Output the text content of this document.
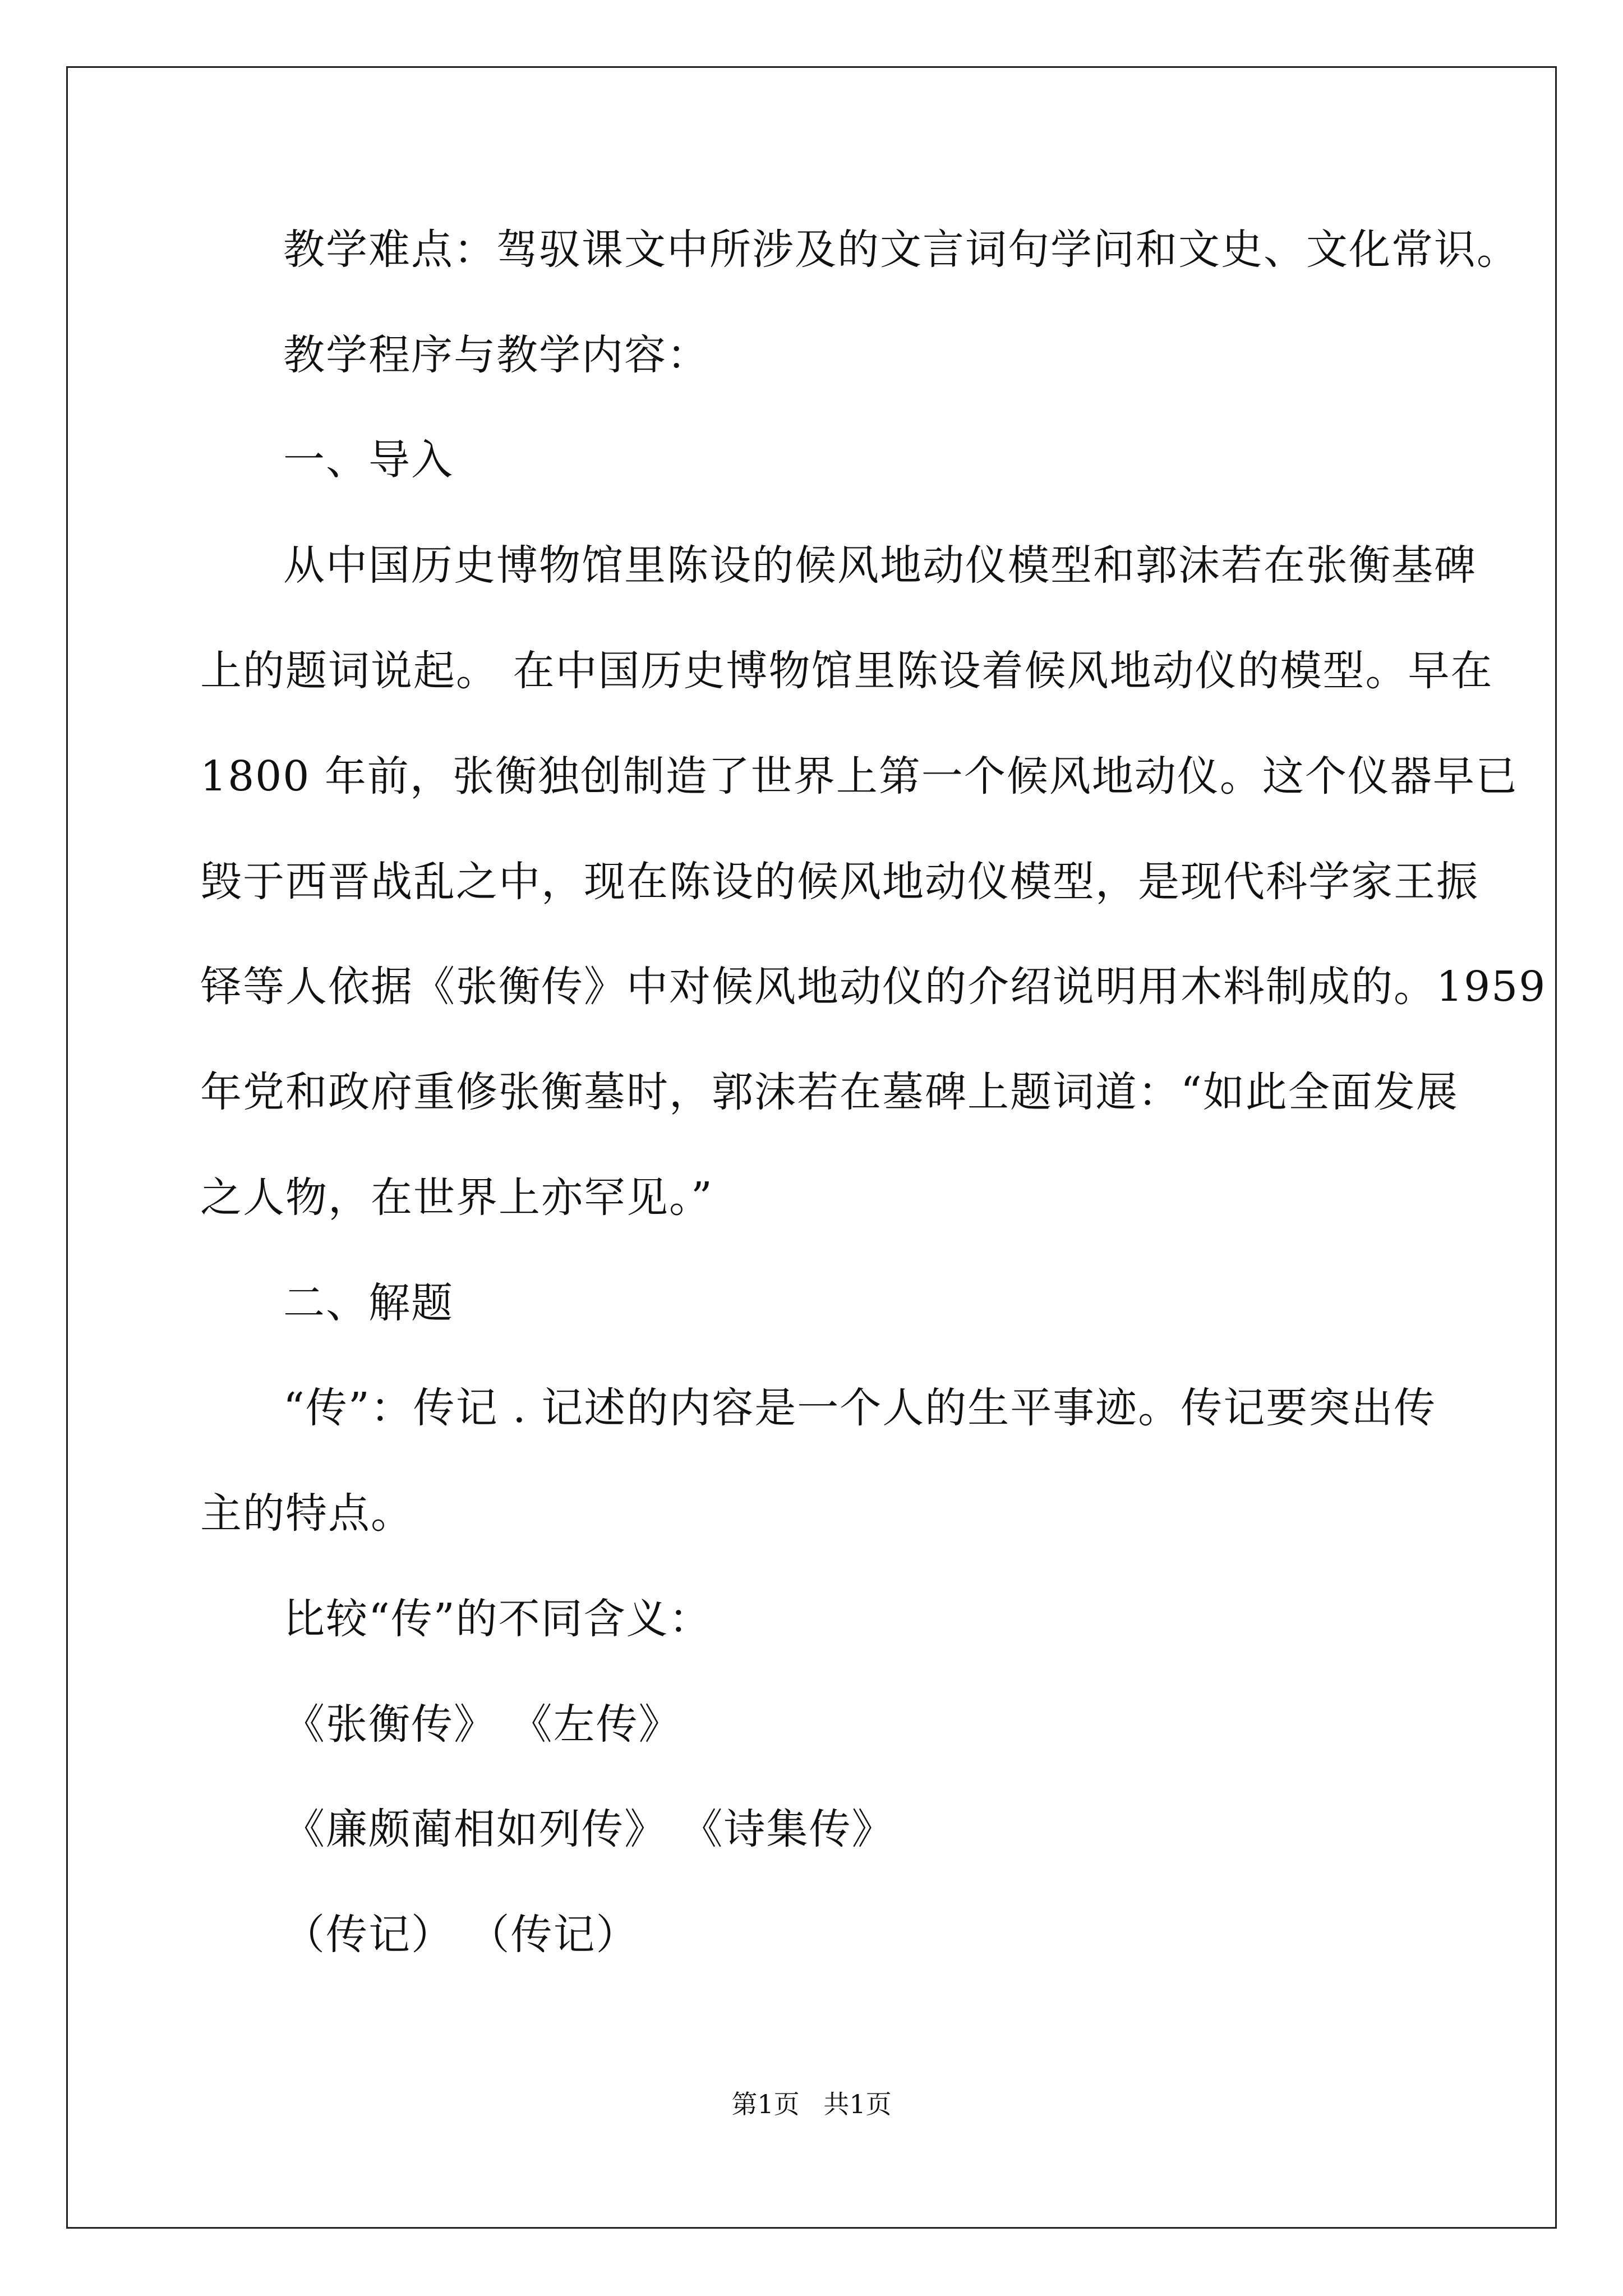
教学难点：驾驭课文中所涉及的文言词句学问和文史、文化常识。
教学程序与教学内容：
一、导入
从中国历史博物馆里陈设的候风地动仪模型和郭沫若在张衡基碑
上的题词说起。 在中国历史博物馆里陈设着候风地动仪的模型。早在
1800 年前，张衡独创制造了世界上第一个候风地动仪。这个仪器早已
毁于西晋战乱之中，现在陈设的候风地动仪模型，是现代科学家王振
铎等人依据《张衡传》中对候风地动仪的介绍说明用木料制成的。1959
年党和政府重修张衡墓时，郭沫若在墓碑上题词道：“如此全面发展
之人物，在世界上亦罕见。”
二、解题
“传”：传记 . 记述的内容是一个人的生平事迹。传记要突出传
主的特点。
比较“传”的不同含义：
《张衡传》 《左传》
《廉颇蔺相如列传》 《诗集传》
（传记） （传记）
第1页 共1页
